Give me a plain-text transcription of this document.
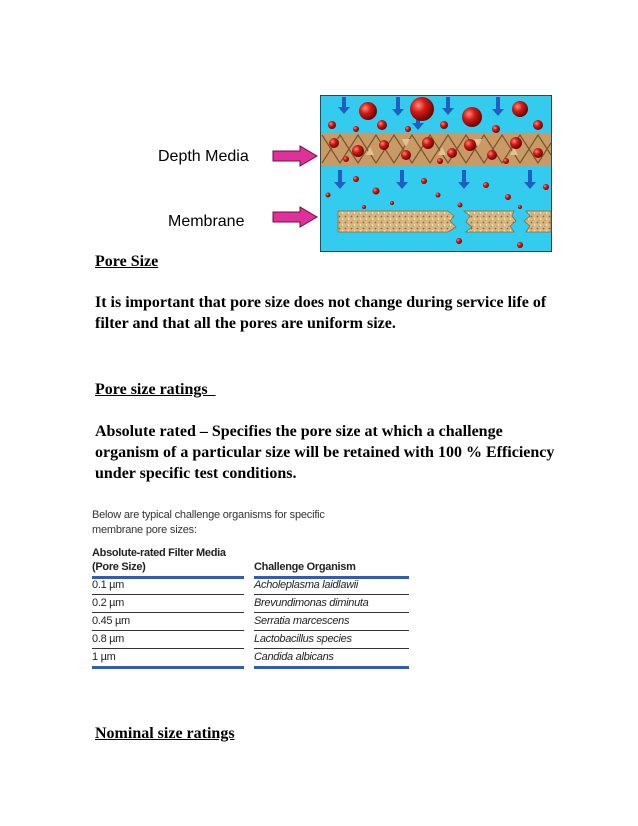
Depth Media
Membrane
Pore Size
It is important that pore size does not change during service life of filter and that all the pores are uniform size.
Pore size ratings
Absolute rated – Specifies the pore size at which a challenge organism of a particular size will be retained with 100 % Efficiency under specific test conditions.
Below are typical challenge organisms for specific membrane pore sizes:
Absolute-rated Filter Media
(Pore Size)	Challenge Organism
0.1 µm	Acholeplasma laidlawii
0.2 µm	Brevundimonas diminuta
0.45 µm	Serratia marcescens
0.8 µm	Lactobacillus species
1 µm	Candida albicans
Nominal size ratings
